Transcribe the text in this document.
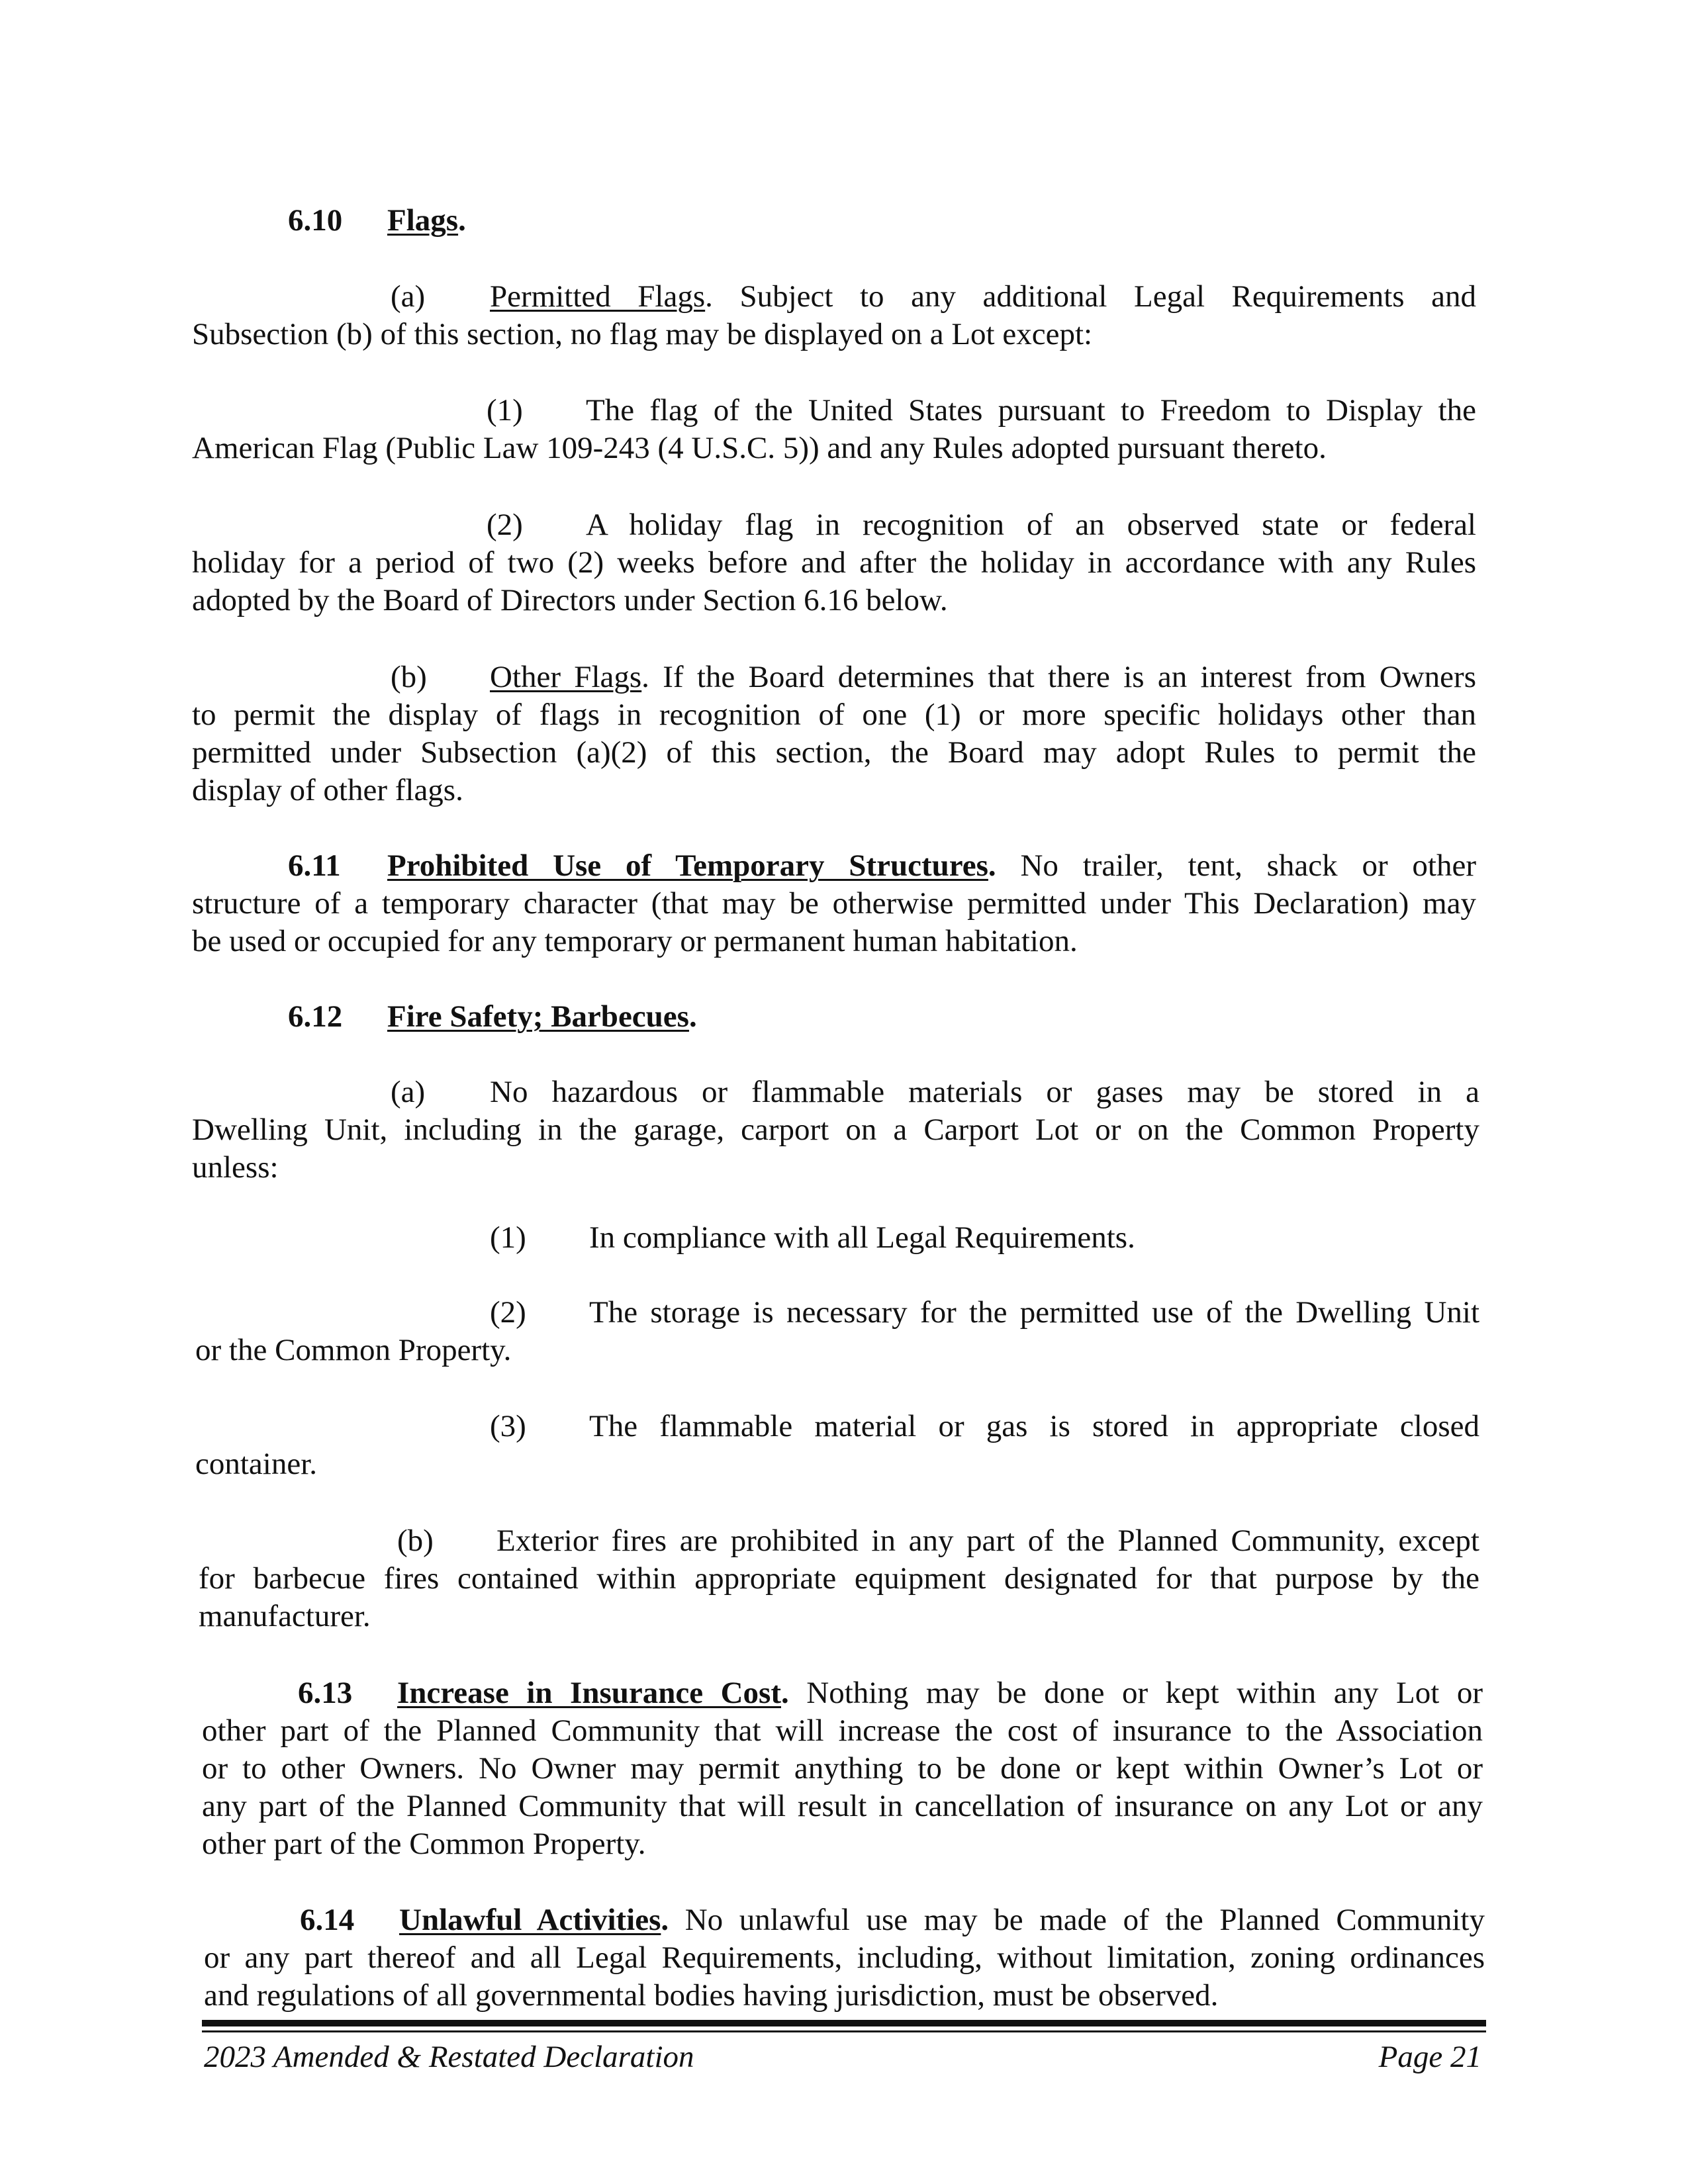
6.10 Flags.
(a) Permitted Flags. Subject to any additional Legal Requirements and
Subsection (b) of this section, no flag may be displayed on a Lot except:
(1) The flag of the United States pursuant to Freedom to Display the
American Flag (Public Law 109-243 (4 U.S.C. 5)) and any Rules adopted pursuant thereto.
(2) A holiday flag in recognition of an observed state or federal
holiday for a period of two (2) weeks before and after the holiday in accordance with any Rules
adopted by the Board of Directors under Section 6.16 below.
(b) Other Flags. If the Board determines that there is an interest from Owners
to permit the display of flags in recognition of one (1) or more specific holidays other than
permitted under Subsection (a)(2) of this section, the Board may adopt Rules to permit the
display of other flags.
6.11 Prohibited Use of Temporary Structures. No trailer, tent, shack or other
structure of a temporary character (that may be otherwise permitted under This Declaration) may
be used or occupied for any temporary or permanent human habitation.
6.12 Fire Safety; Barbecues.
(a) No hazardous or flammable materials or gases may be stored in a
Dwelling Unit, including in the garage, carport on a Carport Lot or on the Common Property
unless:
(1) In compliance with all Legal Requirements.
(2) The storage is necessary for the permitted use of the Dwelling Unit
or the Common Property.
(3) The flammable material or gas is stored in appropriate closed
container.
(b) Exterior fires are prohibited in any part of the Planned Community, except
for barbecue fires contained within appropriate equipment designated for that purpose by the
manufacturer.
6.13 Increase in Insurance Cost. Nothing may be done or kept within any Lot or
other part of the Planned Community that will increase the cost of insurance to the Association
or to other Owners. No Owner may permit anything to be done or kept within Owner’s Lot or
any part of the Planned Community that will result in cancellation of insurance on any Lot or any
other part of the Common Property.
6.14 Unlawful Activities. No unlawful use may be made of the Planned Community
or any part thereof and all Legal Requirements, including, without limitation, zoning ordinances
and regulations of all governmental bodies having jurisdiction, must be observed.
2023 Amended & Restated Declaration	Page 21
